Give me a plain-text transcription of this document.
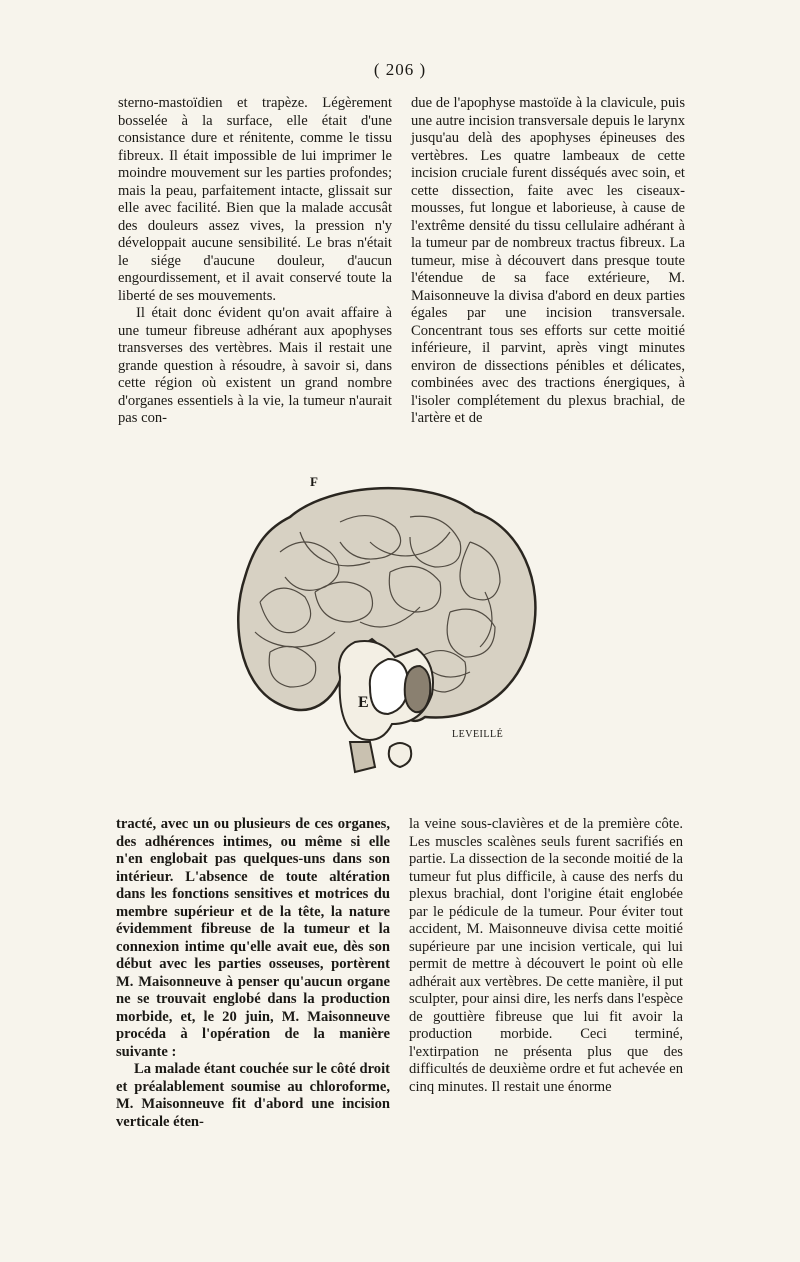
( 206 )

sterno-mastoïdien et trapèze. Légèrement bosselée à la surface, elle était d'une consistance dure et rénitente, comme le tissu fibreux. Il était impossible de lui imprimer le moindre mouvement sur les parties profondes; mais la peau, parfaitement intacte, glissait sur elle avec facilité. Bien que la malade accusât des douleurs assez vives, la pression n'y développait aucune sensibilité. Le bras n'était le siége d'aucune douleur, d'aucun engourdissement, et il avait conservé toute la liberté de ses mouvements.

Il était donc évident qu'on avait affaire à une tumeur fibreuse adhérant aux apophyses transverses des vertèbres. Mais il restait une grande question à résoudre, à savoir si, dans cette région où existent un grand nombre d'organes essentiels à la vie, la tumeur n'aurait pas con-

due de l'apophyse mastoïde à la clavicule, puis une autre incision transversale depuis le larynx jusqu'au delà des apophyses épineuses des vertèbres. Les quatre lambeaux de cette incision cruciale furent disséqués avec soin, et cette dissection, faite avec les ciseaux-mousses, fut longue et laborieuse, à cause de l'extrême densité du tissu cellulaire adhérant à la tumeur par de nombreux tractus fibreux. La tumeur, mise à découvert dans presque toute l'étendue de sa face extérieure, M. Maisonneuve la divisa d'abord en deux parties égales par une incision transversale. Concentrant tous ses efforts sur cette moitié inférieure, il parvint, après vingt minutes environ de dissections pénibles et délicates, combinées avec des tractions énergiques, à l'isoler complétement du plexus brachial, de l'artère et de

F
E
LEVEILLÉ

tracté, avec un ou plusieurs de ces organes, des adhérences intimes, ou même si elle n'en englobait pas quelques-uns dans son intérieur. L'absence de toute altération dans les fonctions sensitives et motrices du membre supérieur et de la tête, la nature évidemment fibreuse de la tumeur et la connexion intime qu'elle avait eue, dès son début avec les parties osseuses, portèrent M. Maisonneuve à penser qu'aucun organe ne se trouvait englobé dans la production morbide, et, le 20 juin, M. Maisonneuve procéda à l'opération de la manière suivante :

La malade étant couchée sur le côté droit et préalablement soumise au chloroforme, M. Maisonneuve fit d'abord une incision verticale éten-

la veine sous-clavières et de la première côte. Les muscles scalènes seuls furent sacrifiés en partie. La dissection de la seconde moitié de la tumeur fut plus difficile, à cause des nerfs du plexus brachial, dont l'origine était englobée par le pédicule de la tumeur. Pour éviter tout accident, M. Maisonneuve divisa cette moitié supérieure par une incision verticale, qui lui permit de mettre à découvert le point où elle adhérait aux vertèbres. De cette manière, il put sculpter, pour ainsi dire, les nerfs dans l'espèce de gouttière fibreuse que lui fit avoir la production morbide. Ceci terminé, l'extirpation ne présenta plus que des difficultés de deuxième ordre et fut achevée en cinq minutes. Il restait une énorme
